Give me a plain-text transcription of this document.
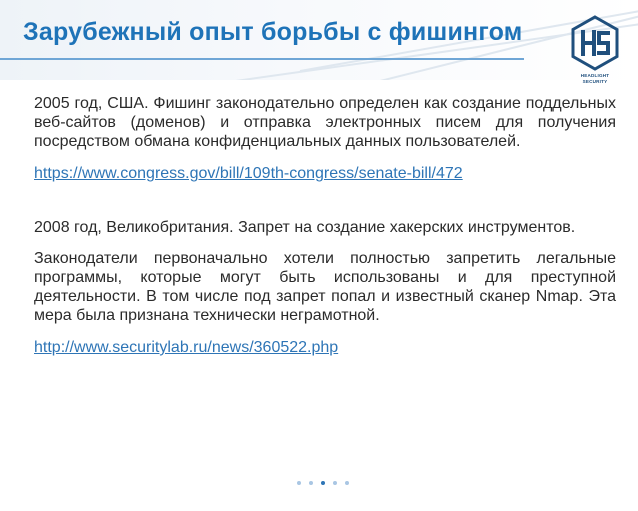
Зарубежный опыт борьбы с фишингом
HEADLIGHT
SECURITY

2005 год, США. Фишинг законодательно определен как создание поддельных веб-сайтов (доменов) и отправка электронных писем для получения посредством обмана конфиденциальных данных пользователей.

https://www.congress.gov/bill/109th-congress/senate-bill/472

2008 год, Великобритания. Запрет на создание хакерских инструментов.

Законодатели первоначально хотели полностью запретить легальные программы, которые могут быть использованы и для преступной деятельности. В том числе под запрет попал и известный сканер Nmap. Эта мера была признана технически неграмотной.

http://www.securitylab.ru/news/360522.php
